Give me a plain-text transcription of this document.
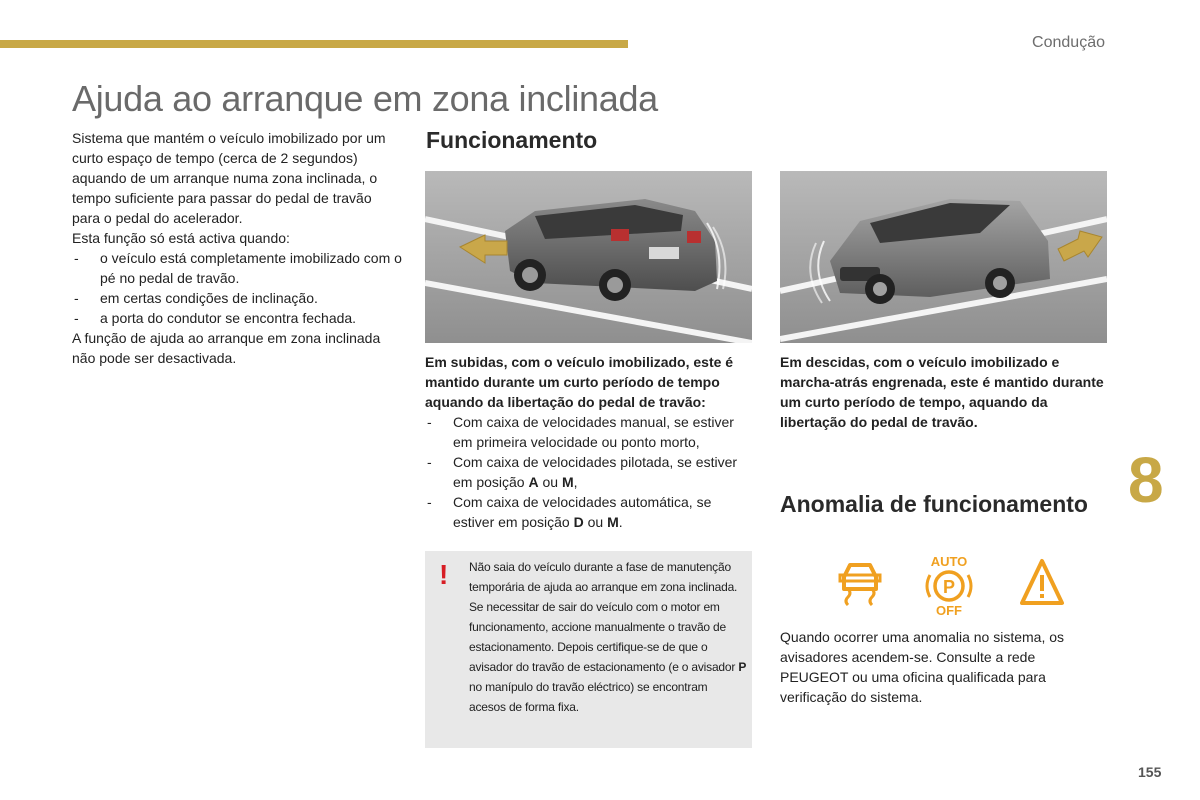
Condução
Ajuda ao arranque em zona inclinada

Sistema que mantém o veículo imobilizado por um curto espaço de tempo (cerca de 2 segundos) aquando de um arranque numa zona inclinada, o tempo suficiente para passar do pedal de travão para o pedal do acelerador.

Esta função só está activa quando:

- o veículo está completamente imobilizado com o pé no pedal de travão.
- em certas condições de inclinação.
- a porta do condutor se encontra fechada.

A função de ajuda ao arranque em zona inclinada não pode ser desactivada.

Funcionamento

Em subidas, com o veículo imobilizado, este é mantido durante um curto período de tempo aquando da libertação do pedal de travão:

- Com caixa de velocidades manual, se estiver em primeira velocidade ou ponto morto,
- Com caixa de velocidades pilotada, se estiver em posição A ou M,
- Com caixa de velocidades automática, se estiver em posição D ou M.

Em descidas, com o veículo imobilizado e marcha-atrás engrenada, este é mantido durante um curto período de tempo, aquando da libertação do pedal de travão.

! Não saia do veículo durante a fase de manutenção temporária de ajuda ao arranque em zona inclinada.

Se necessitar de sair do veículo com o motor em funcionamento, accione manualmente o travão de estacionamento. Depois certifique-se de que o avisador do travão de estacionamento (e o avisador P no manípulo do travão eléctrico) se encontram acesos de forma fixa.

Anomalia de funcionamento
AUTO
P
OFF

Quando ocorrer uma anomalia no sistema, os avisadores acendem-se. Consulte a rede PEUGEOT ou uma oficina qualificada para verificação do sistema.

8
155
